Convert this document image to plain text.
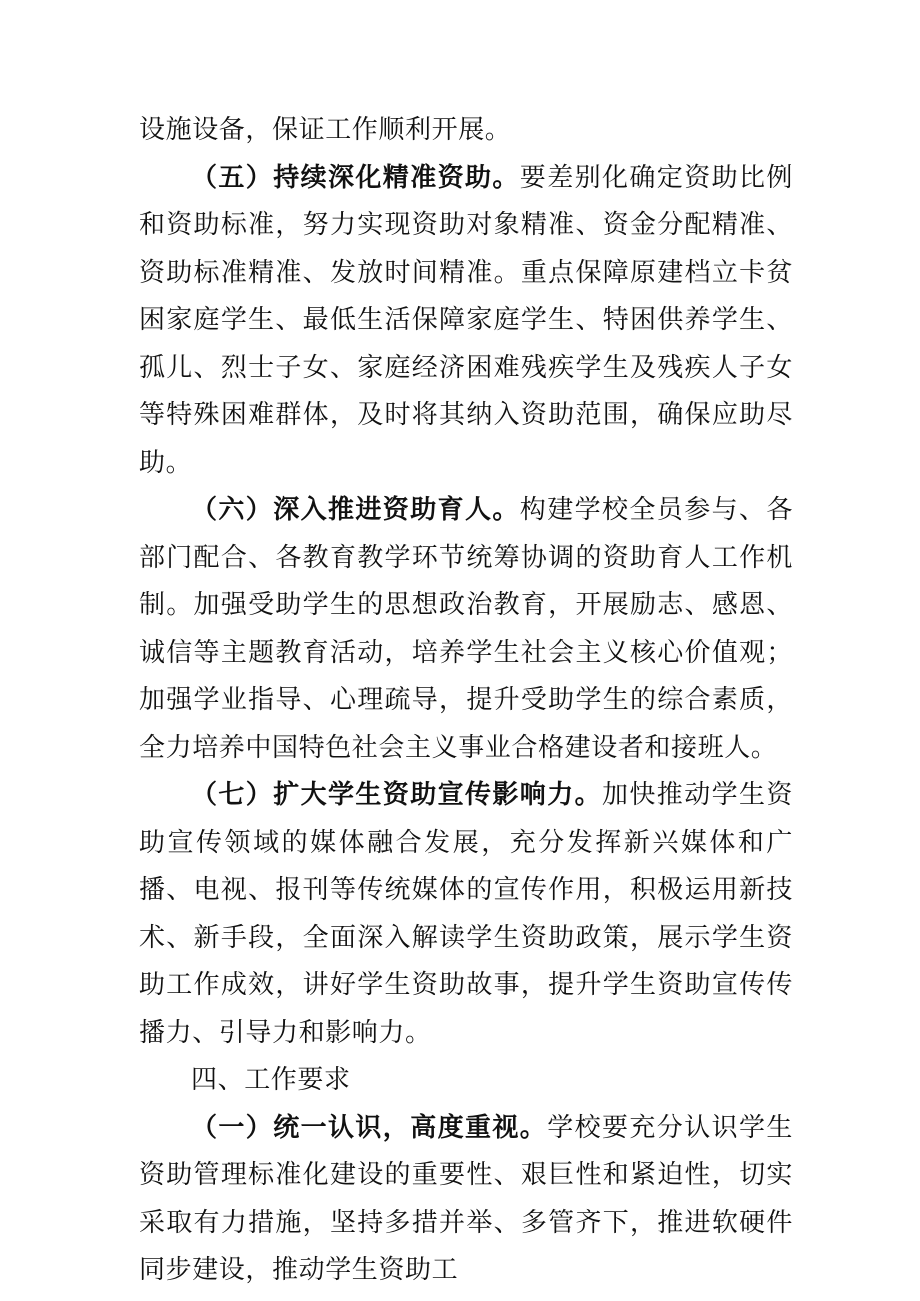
设施设备，保证工作顺利开展。

（五）持续深化精准资助。要差别化确定资助比例和资助标准，努力实现资助对象精准、资金分配精准、资助标准精准、发放时间精准。重点保障原建档立卡贫困家庭学生、最低生活保障家庭学生、特困供养学生、孤儿、烈士子女、家庭经济困难残疾学生及残疾人子女等特殊困难群体，及时将其纳入资助范围，确保应助尽助。

（六）深入推进资助育人。构建学校全员参与、各部门配合、各教育教学环节统筹协调的资助育人工作机制。加强受助学生的思想政治教育，开展励志、感恩、诚信等主题教育活动，培养学生社会主义核心价值观；加强学业指导、心理疏导，提升受助学生的综合素质，全力培养中国特色社会主义事业合格建设者和接班人。

（七）扩大学生资助宣传影响力。加快推动学生资助宣传领域的媒体融合发展，充分发挥新兴媒体和广播、电视、报刊等传统媒体的宣传作用，积极运用新技术、新手段，全面深入解读学生资助政策，展示学生资助工作成效，讲好学生资助故事，提升学生资助宣传传播力、引导力和影响力。

四、工作要求

（一）统一认识，高度重视。学校要充分认识学生资助管理标准化建设的重要性、艰巨性和紧迫性，切实采取有力措施，坚持多措并举、多管齐下，推进软硬件同步建设，推动学生资助工
